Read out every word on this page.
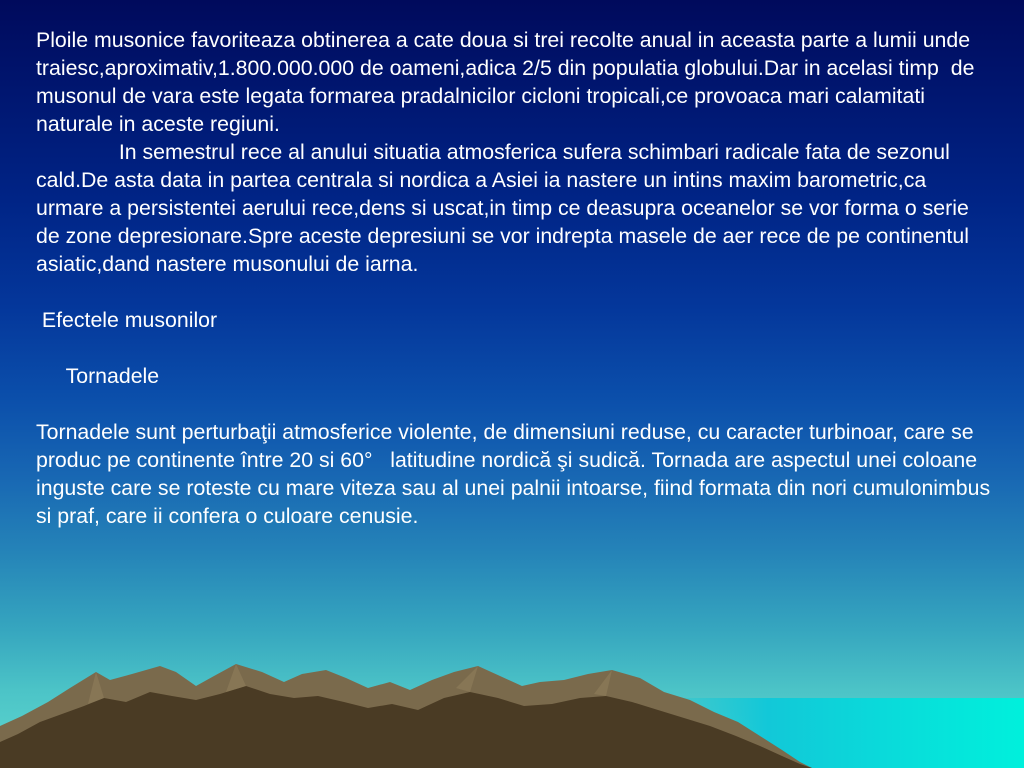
Ploile musonice favoriteaza obtinerea a cate doua si trei recolte anual in aceasta parte a lumii unde traiesc,aproximativ,1.800.000.000 de oameni,adica 2/5 din populatia globului.Dar in acelasi timp  de musonul de vara este legata formarea pradalnicilor cicloni tropicali,ce provoaca mari calamitati naturale in aceste regiuni.

In semestrul rece al anului situatia atmosferica sufera schimbari radicale fata de sezonul cald.De asta data in partea centrala si nordica a Asiei ia nastere un intins maxim barometric,ca urmare a persistentei aerului rece,dens si uscat,in timp ce deasupra oceanelor se vor forma o serie de zone depresionare.Spre aceste depresiuni se vor indrepta masele de aer rece de pe continentul asiatic,dand nastere musonului de iarna.

Efectele musonilor

Tornadele

Tornadele sunt perturbaţii atmosferice violente, de dimensiuni reduse, cu caracter turbinoar, care se produc pe continente între 20 si 60°   latitudine nordică şi sudică. Tornada are aspectul unei coloane inguste care se roteste cu mare viteza sau al unei palnii intoarse, fiind formata din nori cumulonimbus si praf, care ii confera o culoare cenusie.
